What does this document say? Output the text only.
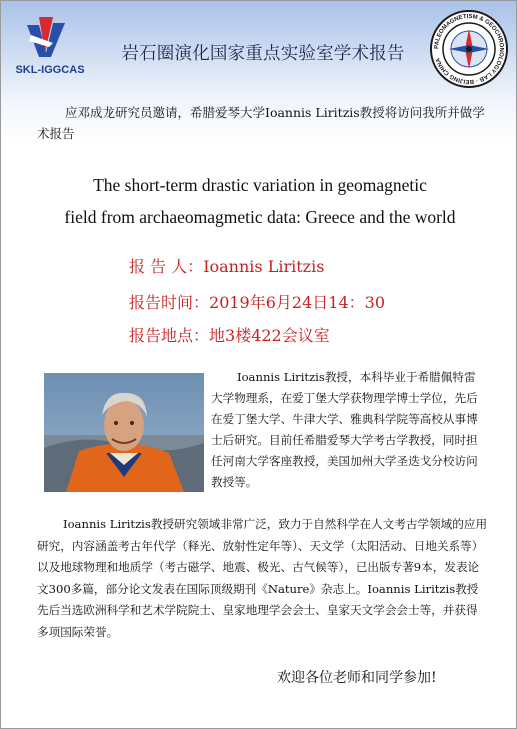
SKL-IGGCAS
PALEOMAGNETISM & GEOCHRONOLOGY LAB · BEIJING CHINA
岩石圈演化国家重点实验室学术报告
应邓成龙研究员邀请，希腊爱琴大学Ioannis Liritzis教授将访问我所并做学术报告
The short-term drastic variation in geomagnetic
field from archaeomagmetic data: Greece and the world
报 告 人：Ioannis Liritzis
报告时间：2019年6月24日14：30
报告地点：地3楼422会议室
Ioannis Liritzis教授，本科毕业于希腊佩特雷大学物理系，在爱丁堡大学获物理学博士学位，先后在爱丁堡大学、牛津大学、雅典科学院等高校从事博士后研究。目前任希腊爱琴大学考古学教授，同时担任河南大学客座教授，美国加州大学圣迭戈分校访问教授等。
Ioannis Liritzis教授研究领域非常广泛，致力于自然科学在人文考古学领域的应用研究，内容涵盖考古年代学（释光、放射性定年等）、天文学（太阳活动、日地关系等）以及地球物理和地质学（考古磁学、地震、极光、古气候等），已出版专著9本，发表论文300多篇，部分论文发表在国际顶级期刊《Nature》杂志上。Ioannis Liritzis教授先后当选欧洲科学和艺术学院院士、皇家地理学会会士、皇家天文学会会士等，并获得多项国际荣誉。
欢迎各位老师和同学参加!
